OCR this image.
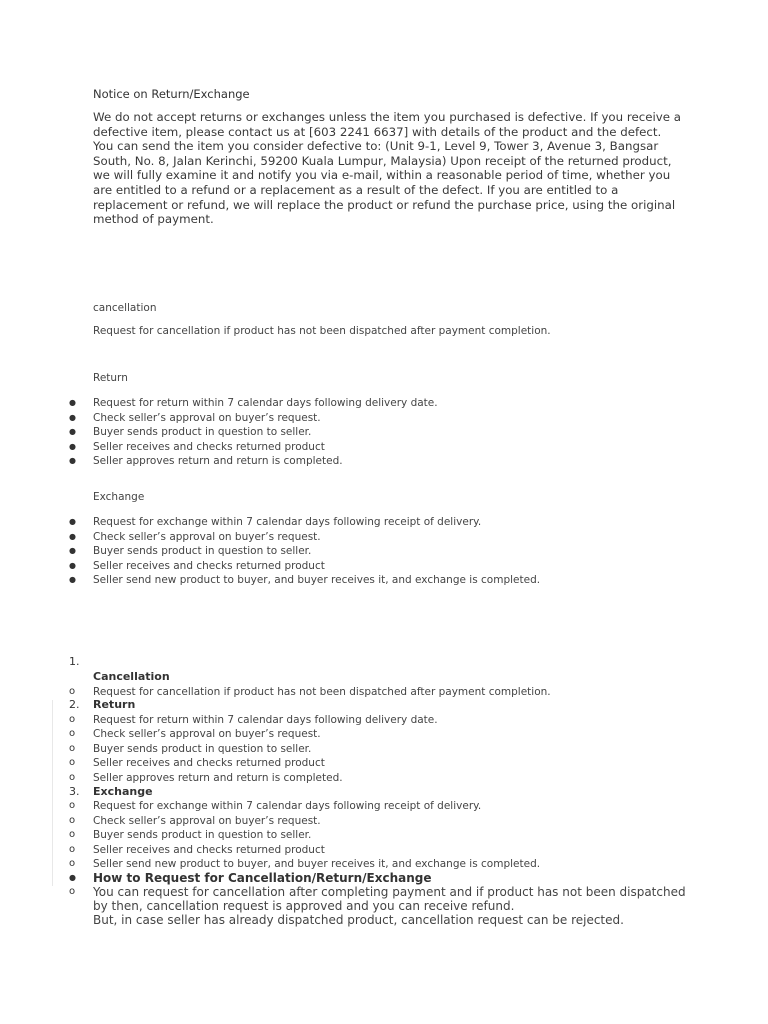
Notice on Return/Exchange
We do not accept returns or exchanges unless the item you purchased is defective. If you receive a defective item, please contact us at [603 2241 6637] with details of the product and the defect. You can send the item you consider defective to: (Unit 9-1, Level 9, Tower 3, Avenue 3, Bangsar South, No. 8, Jalan Kerinchi, 59200 Kuala Lumpur, Malaysia) Upon receipt of the returned product, we will fully examine it and notify you via e-mail, within a reasonable period of time, whether you are entitled to a refund or a replacement as a result of the defect. If you are entitled to a replacement or refund, we will replace the product or refund the purchase price, using the original method of payment.
cancellation
Request for cancellation if product has not been dispatched after payment completion.
Return
● Request for return within 7 calendar days following delivery date.
● Check seller’s approval on buyer’s request.
● Buyer sends product in question to seller.
● Seller receives and checks returned product
● Seller approves return and return is completed.
Exchange
● Request for exchange within 7 calendar days following receipt of delivery.
● Check seller’s approval on buyer’s request.
● Buyer sends product in question to seller.
● Seller receives and checks returned product
● Seller send new product to buyer, and buyer receives it, and exchange is completed.
1.
Cancellation
o Request for cancellation if product has not been dispatched after payment completion.
2. Return
o Request for return within 7 calendar days following delivery date.
o Check seller’s approval on buyer’s request.
o Buyer sends product in question to seller.
o Seller receives and checks returned product
o Seller approves return and return is completed.
3. Exchange
o Request for exchange within 7 calendar days following receipt of delivery.
o Check seller’s approval on buyer’s request.
o Buyer sends product in question to seller.
o Seller receives and checks returned product
o Seller send new product to buyer, and buyer receives it, and exchange is completed.
● How to Request for Cancellation/Return/Exchange
o You can request for cancellation after completing payment and if product has not been dispatched
by then, cancellation request is approved and you can receive refund.
But, in case seller has already dispatched product, cancellation request can be rejected.
